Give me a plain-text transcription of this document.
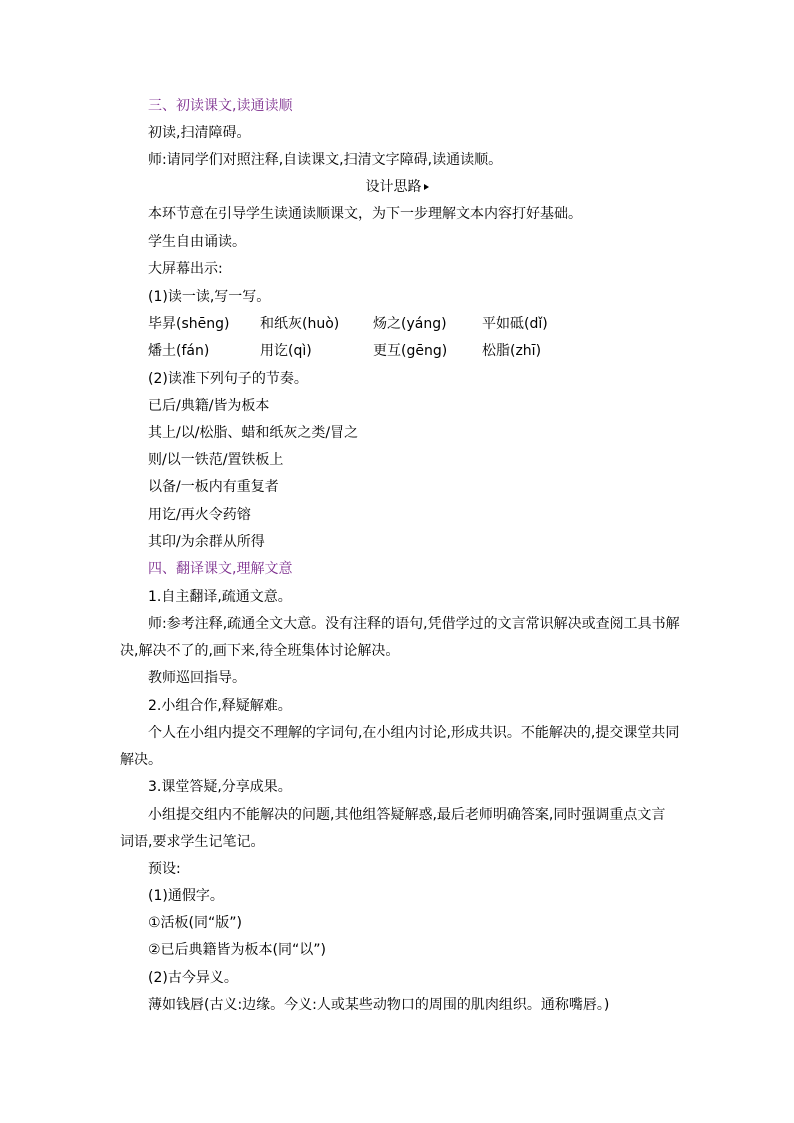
三、初读课文,读通读顺
初读,扫清障碍。
师:请同学们对照注释,自读课文,扫清文字障碍,读通读顺。
设计思路
本环节意在引导学生读通读顺课文，为下一步理解文本内容打好基础。
学生自由诵读。
大屏幕出示:
(1)读一读,写一写。
毕昇(shēng) 和纸灰(huò) 炀之(yáng)	平如砥(dǐ)
燔土(fán)	用讫(qì)	更互(gēng) 松脂(zhī)
(2)读准下列句子的节奏。
已后/典籍/皆为板本
其上/以/松脂、蜡和纸灰之类/冒之
则/以一铁范/置铁板上
以备/一板内有重复者
用讫/再火令药镕
其印/为余群从所得
四、翻译课文,理解文意
1.自主翻译,疏通文意。
师:参考注释,疏通全文大意。没有注释的语句,凭借学过的文言常识解决或查阅工具书解
决,解决不了的,画下来,待全班集体讨论解决。
教师巡回指导。
2.小组合作,释疑解难。
个人在小组内提交不理解的字词句,在小组内讨论,形成共识。不能解决的,提交课堂共同
解决。
3.课堂答疑,分享成果。
小组提交组内不能解决的问题,其他组答疑解惑,最后老师明确答案,同时强调重点文言
词语,要求学生记笔记。
预设:
(1)通假字。
①活板(同“版”)
②已后典籍皆为板本(同“以”)
(2)古今异义。
薄如钱唇(古义:边缘。今义:人或某些动物口的周围的肌肉组织。通称嘴唇。)
